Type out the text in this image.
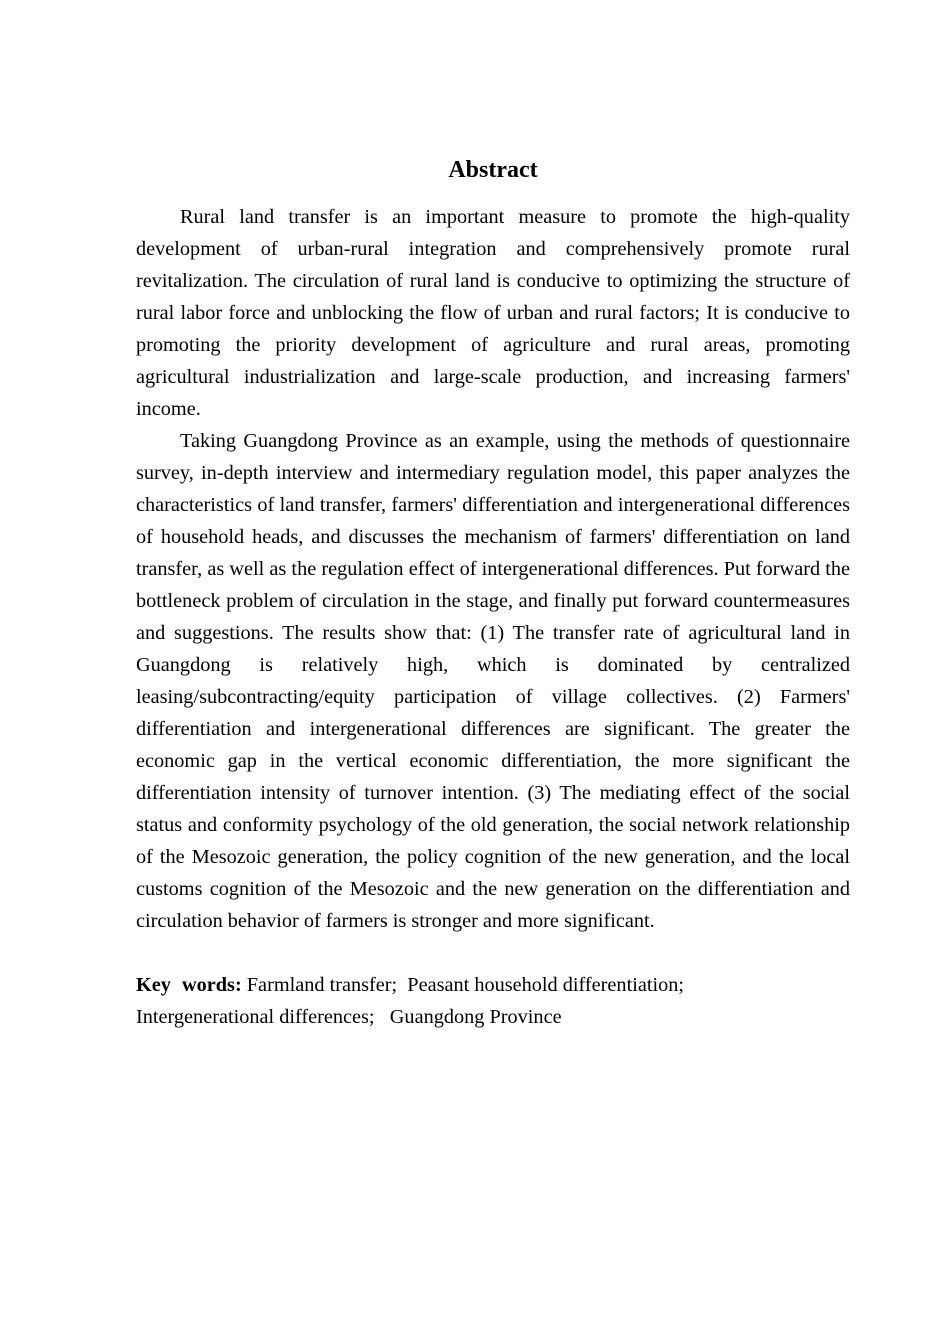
Abstract

Rural land transfer is an important measure to promote the high-quality development of urban-rural integration and comprehensively promote rural revitalization. The circulation of rural land is conducive to optimizing the structure of rural labor force and unblocking the flow of urban and rural factors; It is conducive to promoting the priority development of agriculture and rural areas, promoting agricultural industrialization and large-scale production, and increasing farmers' income.

Taking Guangdong Province as an example, using the methods of questionnaire survey, in-depth interview and intermediary regulation model, this paper analyzes the characteristics of land transfer, farmers' differentiation and intergenerational differences of household heads, and discusses the mechanism of farmers' differentiation on land transfer, as well as the regulation effect of intergenerational differences. Put forward the bottleneck problem of circulation in the stage, and finally put forward countermeasures and suggestions. The results show that: (1) The transfer rate of agricultural land in Guangdong is relatively high, which is dominated by centralized leasing/subcontracting/equity participation of village collectives. (2) Farmers' differentiation and intergenerational differences are significant. The greater the economic gap in the vertical economic differentiation, the more significant the differentiation intensity of turnover intention. (3) The mediating effect of the social status and conformity psychology of the old generation, the social network relationship of the Mesozoic generation, the policy cognition of the new generation, and the local customs cognition of the Mesozoic and the new generation on the differentiation and circulation behavior of farmers is stronger and more significant.

Key words: Farmland transfer; Peasant household differentiation;
Intergenerational differences; Guangdong Province
